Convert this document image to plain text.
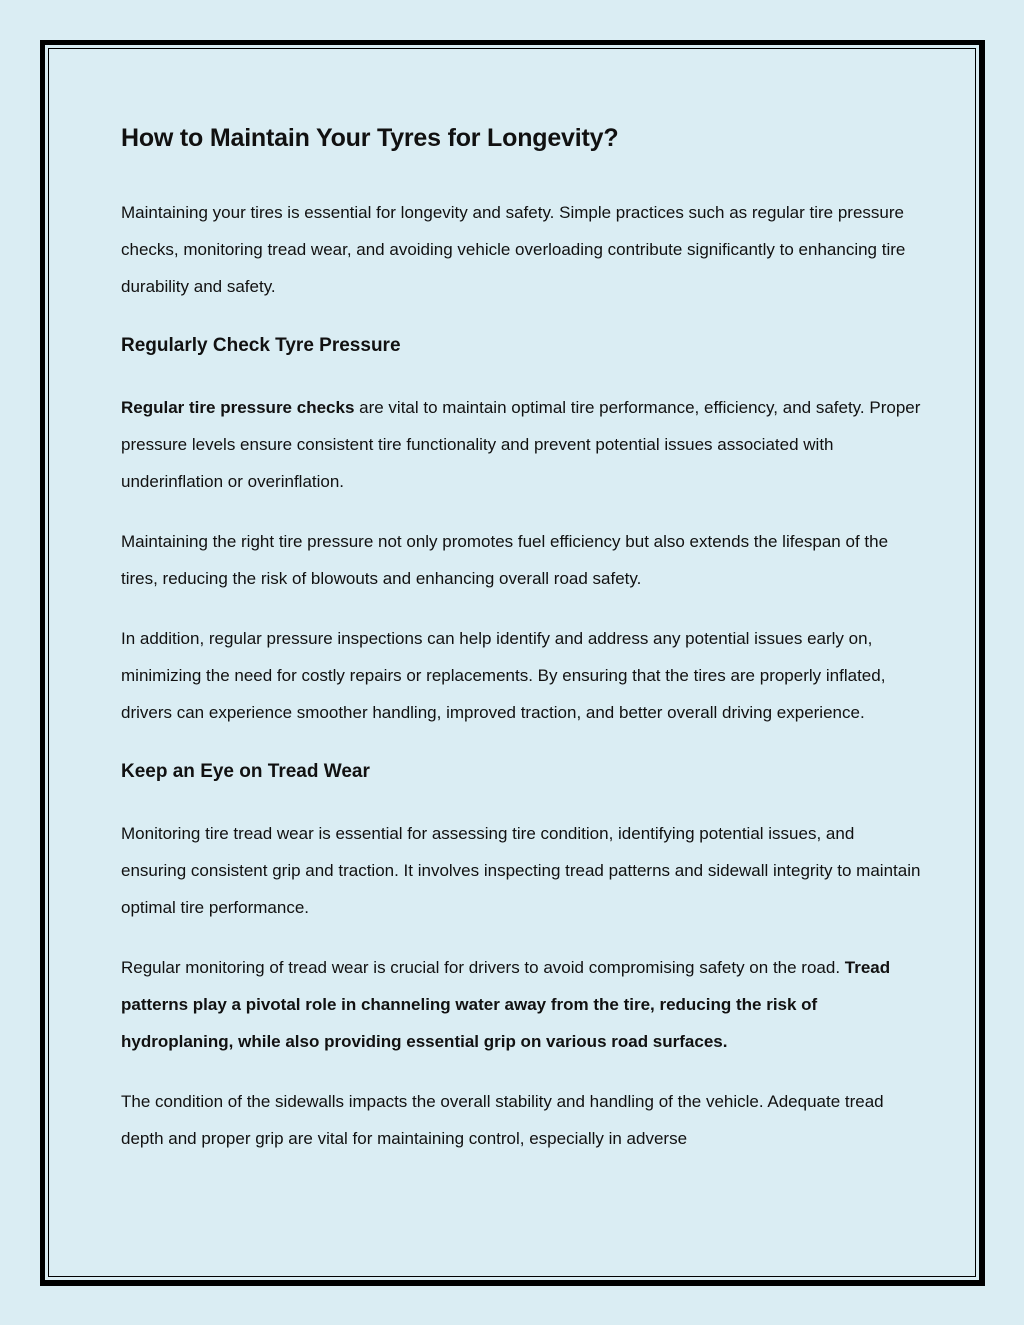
How to Maintain Your Tyres for Longevity?

Maintaining your tires is essential for longevity and safety. Simple practices such as regular tire pressure checks, monitoring tread wear, and avoiding vehicle overloading contribute significantly to enhancing tire durability and safety.

Regularly Check Tyre Pressure

Regular tire pressure checks are vital to maintain optimal tire performance, efficiency, and safety. Proper pressure levels ensure consistent tire functionality and prevent potential issues associated with underinflation or overinflation.

Maintaining the right tire pressure not only promotes fuel efficiency but also extends the lifespan of the tires, reducing the risk of blowouts and enhancing overall road safety.

In addition, regular pressure inspections can help identify and address any potential issues early on, minimizing the need for costly repairs or replacements. By ensuring that the tires are properly inflated, drivers can experience smoother handling, improved traction, and better overall driving experience.

Keep an Eye on Tread Wear

Monitoring tire tread wear is essential for assessing tire condition, identifying potential issues, and ensuring consistent grip and traction. It involves inspecting tread patterns and sidewall integrity to maintain optimal tire performance.

Regular monitoring of tread wear is crucial for drivers to avoid compromising safety on the road. Tread patterns play a pivotal role in channeling water away from the tire, reducing the risk of hydroplaning, while also providing essential grip on various road surfaces.

The condition of the sidewalls impacts the overall stability and handling of the vehicle. Adequate tread depth and proper grip are vital for maintaining control, especially in adverse
